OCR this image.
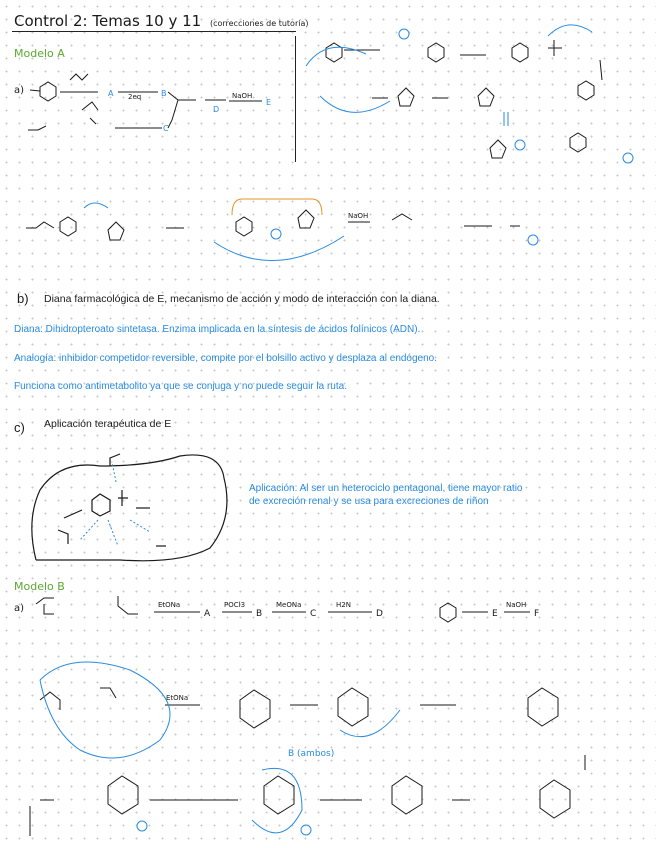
Control 2: Temas 10 y 11 (correcciones de tutoría)
Modelo A
a)	A	B
C
D
E
NaOH
2eq
NaOH
b) Diana farmacológica de E, mecanismo de acción y modo de interacción con la diana.
Diana: Dihidropteroato sintetasa. Enzima implicada en la síntesis de ácidos folínicos (ADN).
Analogía: inhibidor competidor reversible, compite por el bolsillo activo y desplaza al endógeno.
Funciona como antimetabolito ya que se conjuga y no puede seguir la ruta.
c) Aplicación terapéutica de E
Aplicación: Al ser un heterociclo pentagonal, tiene mayor ratio
de excreción renal y se usa para excreciones de riñon
Modelo B
a)	EtONa	POCl3	MeONa	H2N	NaOH
A	B	C	D	E	F
EtONa
B (ambos)
